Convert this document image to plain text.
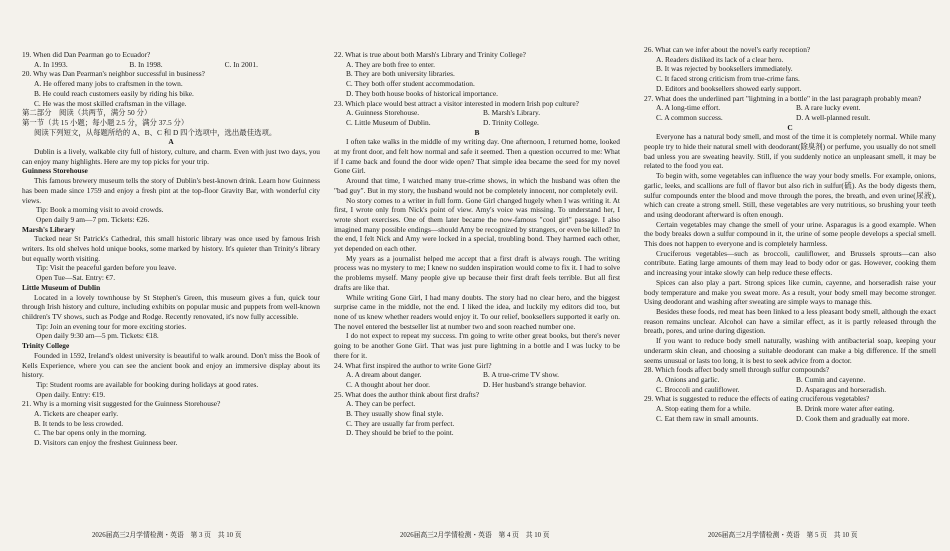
19. When did Dan Pearman go to Ecuador?

A. In 1993.	B. In 1998.	C. In 2001.

20. Why was Dan Pearman's neighbor successful in business?

A. He offered many jobs to craftsmen in the town.

B. He could reach customers easily by riding his bike.

C. He was the most skilled craftsman in the village.

第二部分　阅读（共两节，满分 50 分）

第一节（共 15 小题；每小题 2.5 分，满分 37.5 分）

阅读下列短文，从每题所给的 A、B、C 和 D 四个选项中，选出最佳选项。

A

Dublin is a lively, walkable city full of history, culture, and charm. Even with just two days, you can enjoy many highlights. Here are my top picks for your trip.

Guinness Storehouse

This famous brewery museum tells the story of Dublin's best-known drink. Learn how Guinness has been made since 1759 and enjoy a fresh pint at the top-floor Gravity Bar, with wonderful city views.

Tip: Book a morning visit to avoid crowds.

Open daily 9 am—7 pm. Tickets: €26.

Marsh's Library

Tucked near St Patrick's Cathedral, this small historic library was once used by famous Irish writers. Its old shelves hold unique books, some marked by history. It's quieter than Trinity's library but equally worth visiting.

Tip: Visit the peaceful garden before you leave.

Open Tue—Sat. Entry: €7.

Little Museum of Dublin

Located in a lovely townhouse by St Stephen's Green, this museum gives a fun, quick tour through Irish history and culture, including exhibits on popular music and puppets from well-known children's TV shows, such as Podge and Rodge. Recently renovated, it's now fully accessible.

Tip: Join an evening tour for more exciting stories.

Open daily 9:30 am—5 pm. Tickets: €18.

Trinity College

Founded in 1592, Ireland's oldest university is beautiful to walk around. Don't miss the Book of Kells Experience, where you can see the ancient book and enjoy an immersive display about its history.

Tip: Student rooms are available for booking during holidays at good rates.

Open daily. Entry: €19.

21. Why is a morning visit suggested for the Guinness Storehouse?

A. Tickets are cheaper early.

B. It tends to be less crowded.

C. The bar opens only in the morning.

D. Visitors can enjoy the freshest Guinness beer.

2026届高三2月学情检测・英语　第 3 页　共 10 页

22. What is true about both Marsh's Library and Trinity College?

A. They are both free to enter.

B. They are both university libraries.

C. They both offer student accommodation.

D. They both house books of historical importance.

23. Which place would best attract a visitor interested in modern Irish pop culture?

A. Guinness Storehouse.	B. Marsh's Library.
C. Little Museum of Dublin.	D. Trinity College.

B

I often take walks in the middle of my writing day. One afternoon, I returned home, looked at my front door, and felt how normal and safe it seemed. Then a question occurred to me: What if I came back and found the door wide open? That simple idea became the seed for my novel Gone Girl.

Around that time, I watched many true-crime shows, in which the husband was often the "bad guy". But in my story, the husband would not be completely innocent, nor completely evil.

No story comes to a writer in full form. Gone Girl changed hugely when I was writing it. At first, I wrote only from Nick's point of view. Amy's voice was missing. To understand her, I wrote short exercises. One of them later became the now-famous "cool girl" passage. I also imagined many possible endings—should Amy be recognized by strangers, or even be killed? In the end, I felt Nick and Amy were locked in a special, troubling bond. They harmed each other, yet depended on each other.

My years as a journalist helped me accept that a first draft is always rough. The writing process was no mystery to me; I knew no sudden inspiration would come to fix it. I had to solve the problems myself. Many people give up because their first draft feels terrible. But all first drafts are like that.

While writing Gone Girl, I had many doubts. The story had no clear hero, and the biggest surprise came in the middle, not the end. I liked the idea, and luckily my editors did too, but none of us knew whether readers would enjoy it. To our relief, booksellers supported it early on. The novel entered the bestseller list at number two and soon reached number one.

I do not expect to repeat my success. I'm going to write other great books, but there's never going to be another Gone Girl. That was just pure lightning in a bottle and I was lucky to be there for it.

24. What first inspired the author to write Gone Girl?

A. A dream about danger.	B. A true-crime TV show.
C. A thought about her door.	D. Her husband's strange behavior.

25. What does the author think about first drafts?

A. They can be perfect.

B. They usually show final style.

C. They are usually far from perfect.

D. They should be brief to the point.

2026届高三2月学情检测・英语　第 4 页　共 10 页

26. What can we infer about the novel's early reception?

A. Readers disliked its lack of a clear hero.

B. It was rejected by booksellers immediately.

C. It faced strong criticism from true-crime fans.

D. Editors and booksellers showed early support.

27. What does the underlined part "lightning in a bottle" in the last paragraph probably mean?

A. A long-time effort.	B. A rare lucky event.
C. A common success.	D. A well-planned result.

C

Everyone has a natural body smell, and most of the time it is completely normal. While many people try to hide their natural smell with deodorant(除臭剂) or perfume, you usually do not smell bad unless you are sweating heavily. Still, if you suddenly notice an unpleasant smell, it may be related to the food you eat.

To begin with, some vegetables can influence the way your body smells. For example, onions, garlic, leeks, and scallions are full of flavor but also rich in sulfur(硫). As the body digests them, sulfur compounds enter the blood and move through the pores, the breath, and even urine(尿液), which can create a strong smell. Still, these vegetables are very nutritious, so brushing your teeth and using deodorant afterward is often enough.

Certain vegetables may change the smell of your urine. Asparagus is a good example. When the body breaks down a sulfur compound in it, the urine of some people develops a special smell. This does not happen to everyone and is completely harmless.

Cruciferous vegetables—such as broccoli, cauliflower, and Brussels sprouts—can also contribute. Eating large amounts of them may lead to body odor or gas. However, cooking them and increasing your intake slowly can help reduce these effects.

Spices can also play a part. Strong spices like cumin, cayenne, and horseradish raise your body temperature and make you sweat more. As a result, your body smell may become stronger. Using deodorant and washing after sweating are simple ways to manage this.

Besides these foods, red meat has been linked to a less pleasant body smell, although the exact reason remains unclear. Alcohol can have a similar effect, as it is partly released through the breath, pores, and urine during digestion.

If you want to reduce body smell naturally, washing with antibacterial soap, keeping your underarm skin clean, and choosing a suitable deodorant can make a big difference. If the smell seems unusual or lasts too long, it is best to seek advice from a doctor.

28. Which foods affect body smell through sulfur compounds?

A. Onions and garlic.	B. Cumin and cayenne.
C. Broccoli and cauliflower.	D. Asparagus and horseradish.

29. What is suggested to reduce the effects of eating cruciferous vegetables?

A. Stop eating them for a while.	B. Drink more water after eating.
C. Eat them raw in small amounts.	D. Cook them and gradually eat more.
2026届高三2月学情检测・英语　第 5 页　共 10 页
